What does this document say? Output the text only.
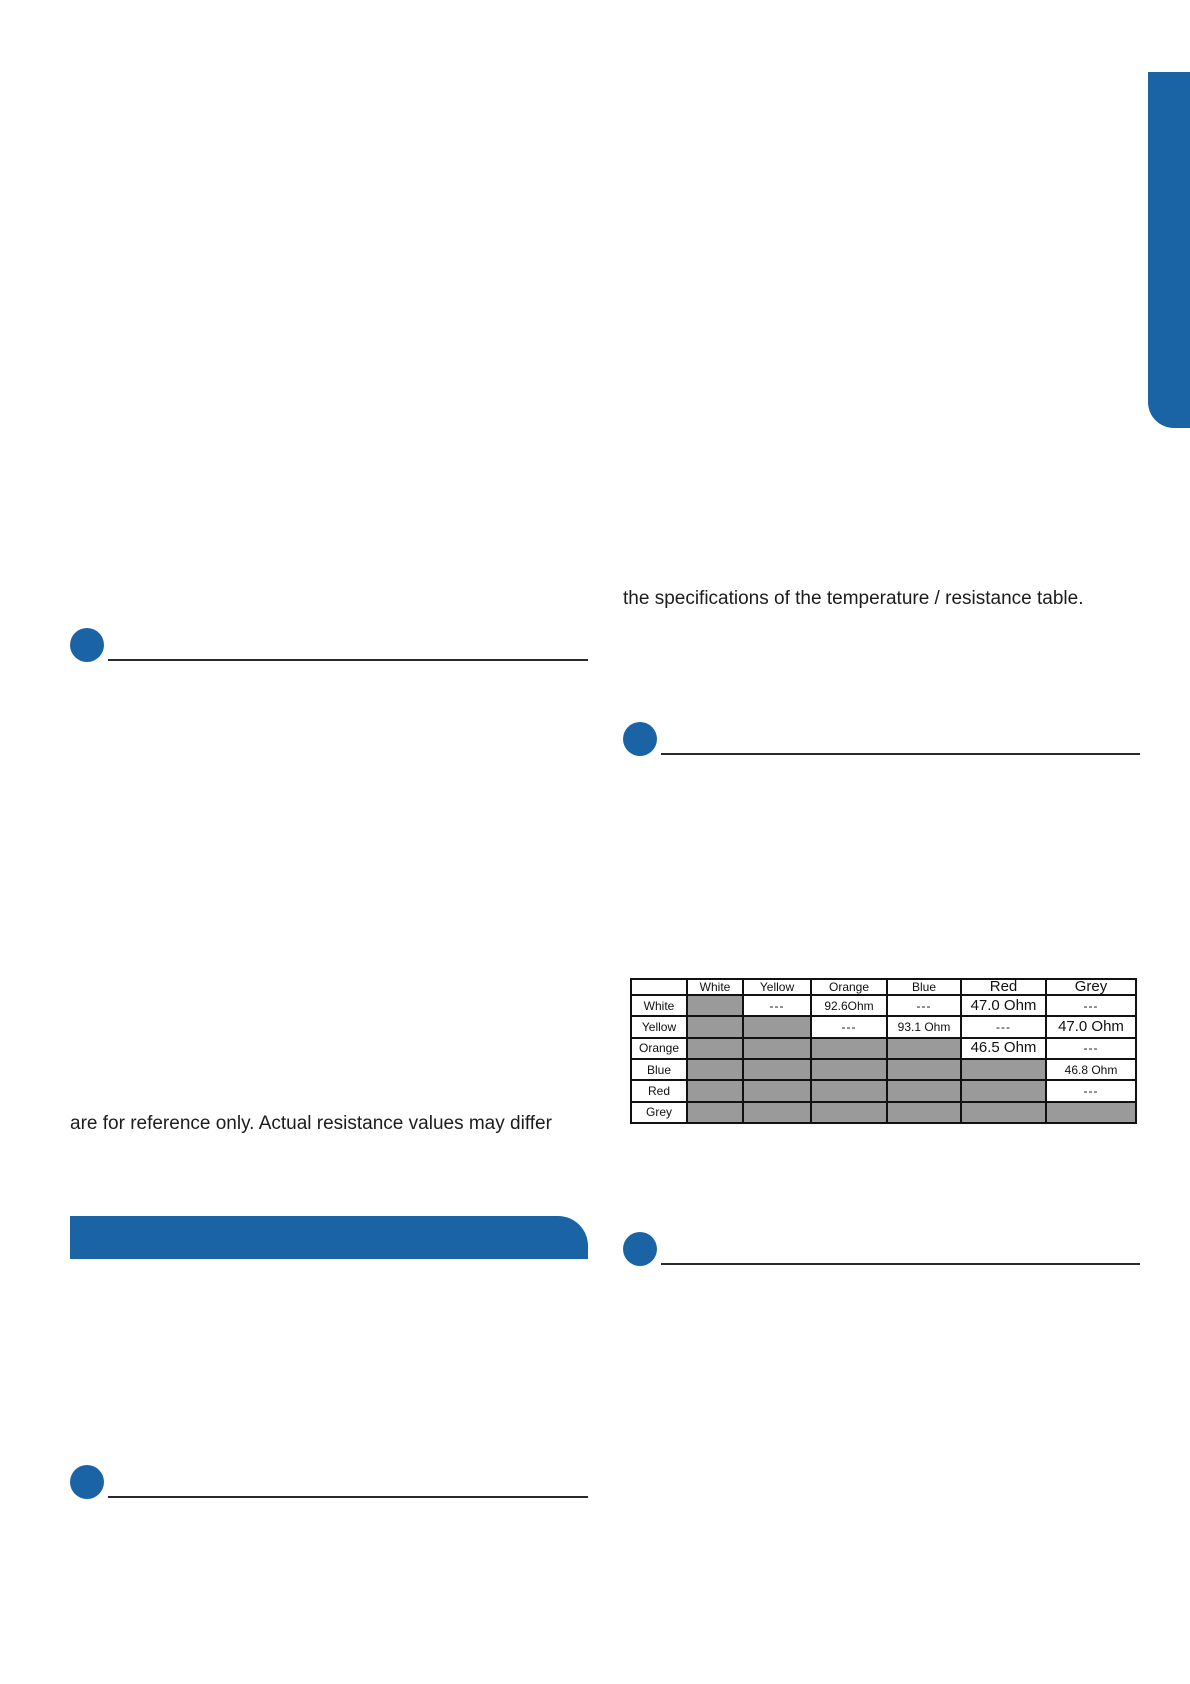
are for reference only. Actual resistance values may differ
the specifications of the temperature / resistance table.
	White	Yellow	Orange	Blue	Red	Grey
White		---	92.6Ohm	---	47.0 Ohm	---
Yellow			---	93.1 Ohm	---	47.0 Ohm
Orange					46.5 Ohm	---
Blue						46.8 Ohm
Red						---
Grey						
